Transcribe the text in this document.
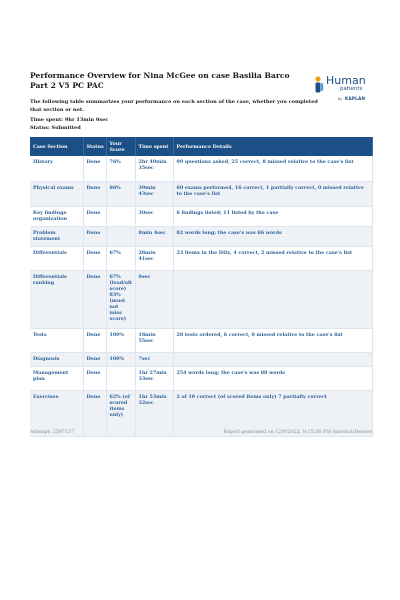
Performance Overview for Nina McGee on case Basilia Barco Part 2 V5 PC PAC	Human
patients
by KAPLAN
The following table summarizes your performance on each section of the case, whether you completed that section or not.
Time spent: 9hr 13min 0sec
Status: Submitted
Case Section	Status	Your Score	Time spent	Performance Details
History	Done	76%	2hr 49min 35sec	99 questions asked, 25 correct, 8 missed relative to the case's list
Physical exams	Done	86%	39min 43sec	60 exams performed, 16 correct, 1 partially correct, 0 missed relative to the case's list
Key findings organization	Done		30sec	6 findings listed; 11 listed by the case
Problem statement	Done		8min 4sec	82 words long; the case's was 66 words
Differentials	Done	67%	26min 41sec	23 items in the DDx, 4 correct, 2 missed relative to the case's list
Differentials ranking	Done	67% (lead/alt score) 83% (must not miss score)	0sec	
Tests	Done	100%	16min 55sec	28 tests ordered, 6 correct, 0 missed relative to the case's list
Diagnosis	Done	100%	7sec	
Management plan	Done		1hr 27min 33sec	254 words long; the case's was 88 words
Exercises	Done	62% (of scored items only)	1hr 53min 32sec	2 of 10 correct (of scored items only) 7 partially correct
Attempt: 2597137	Report generated on 12/9/2022, 8:15:56 PM America/Denver
